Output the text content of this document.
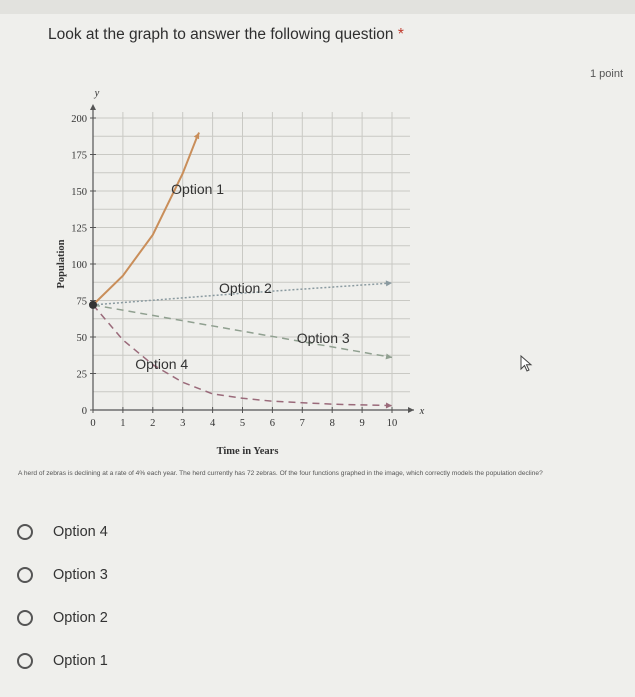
Look at the graph to answer the following question *
1 point
0 1 2 3 4 5 6 7 8 9 10
0
25
50
75
100
125
150
175
200
y
x
Time in Years
Population
Option 1
Option 2
Option 3
Option 4
A herd of zebras is declining at a rate of 4% each year. The herd currently has 72 zebras. Of the four functions graphed in the image, which correctly models the population decline?
Option 4
Option 3
Option 2
Option 1
